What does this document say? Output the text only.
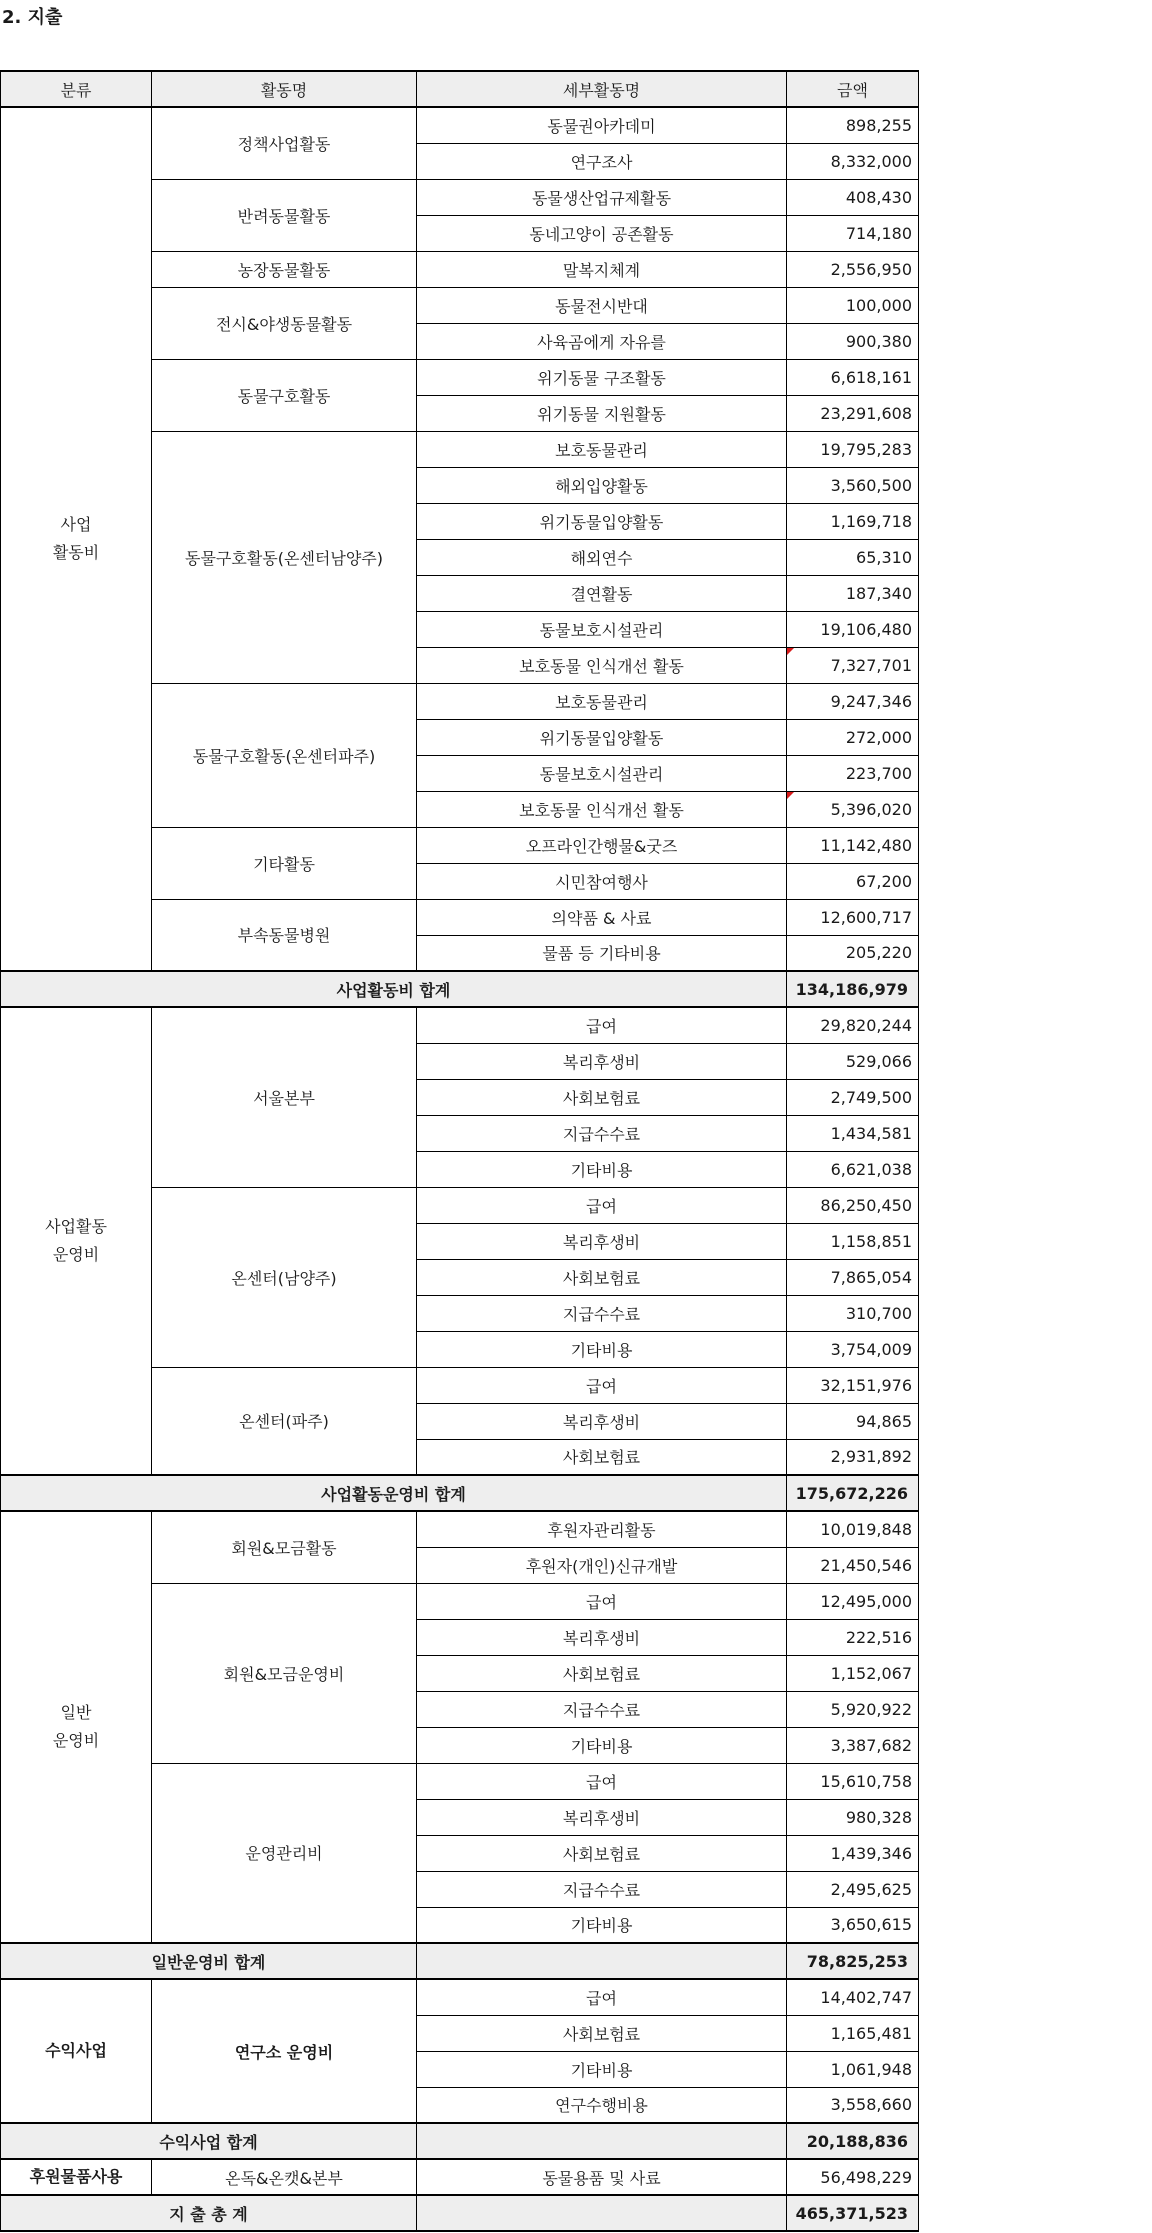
2. 지출
분류	활동명	세부활동명	금액
사업
활동비	정책사업활동	동물권아카데미	898,255
		연구조사	8,332,000
	반려동물활동	동물생산업규제활동	408,430
		동네고양이 공존활동	714,180
	농장동물활동	말복지체계	2,556,950
	전시&야생동물활동	동물전시반대	100,000
		사육곰에게 자유를	900,380
	동물구호활동	위기동물 구조활동	6,618,161
		위기동물 지원활동	23,291,608
	동물구호활동(온센터남양주)	보호동물관리	19,795,283
		해외입양활동	3,560,500
		위기동물입양활동	1,169,718
		해외연수	65,310
		결연활동	187,340
		동물보호시설관리	19,106,480
		보호동물 인식개선 활동	7,327,701
	동물구호활동(온센터파주)	보호동물관리	9,247,346
		위기동물입양활동	272,000
		동물보호시설관리	223,700
		보호동물 인식개선 활동	5,396,020
	기타활동	오프라인간행물&굿즈	11,142,480
		시민참여행사	67,200
	부속동물병원	의약품 & 사료	12,600,717
		물품 등 기타비용	205,220
사업활동비 합계			134,186,979
사업활동
운영비	서울본부	급여	29,820,244
		복리후생비	529,066
		사회보험료	2,749,500
		지급수수료	1,434,581
		기타비용	6,621,038
	온센터(남양주)	급여	86,250,450
		복리후생비	1,158,851
		사회보험료	7,865,054
		지급수수료	310,700
		기타비용	3,754,009
	온센터(파주)	급여	32,151,976
		복리후생비	94,865
		사회보험료	2,931,892
사업활동운영비 합계			175,672,226
일반
운영비	회원&모금활동	후원자관리활동	10,019,848
		후원자(개인)신규개발	21,450,546
	회원&모금운영비	급여	12,495,000
		복리후생비	222,516
		사회보험료	1,152,067
		지급수수료	5,920,922
		기타비용	3,387,682
	운영관리비	급여	15,610,758
		복리후생비	980,328
		사회보험료	1,439,346
		지급수수료	2,495,625
		기타비용	3,650,615
일반운영비 합계			78,825,253
수익사업	연구소 운영비	급여	14,402,747
		사회보험료	1,165,481
		기타비용	1,061,948
		연구수행비용	3,558,660
수익사업 합계			20,188,836
후원물품사용	온독&온캣&본부	동물용품 및 사료	56,498,229
지 출 총 계			465,371,523
